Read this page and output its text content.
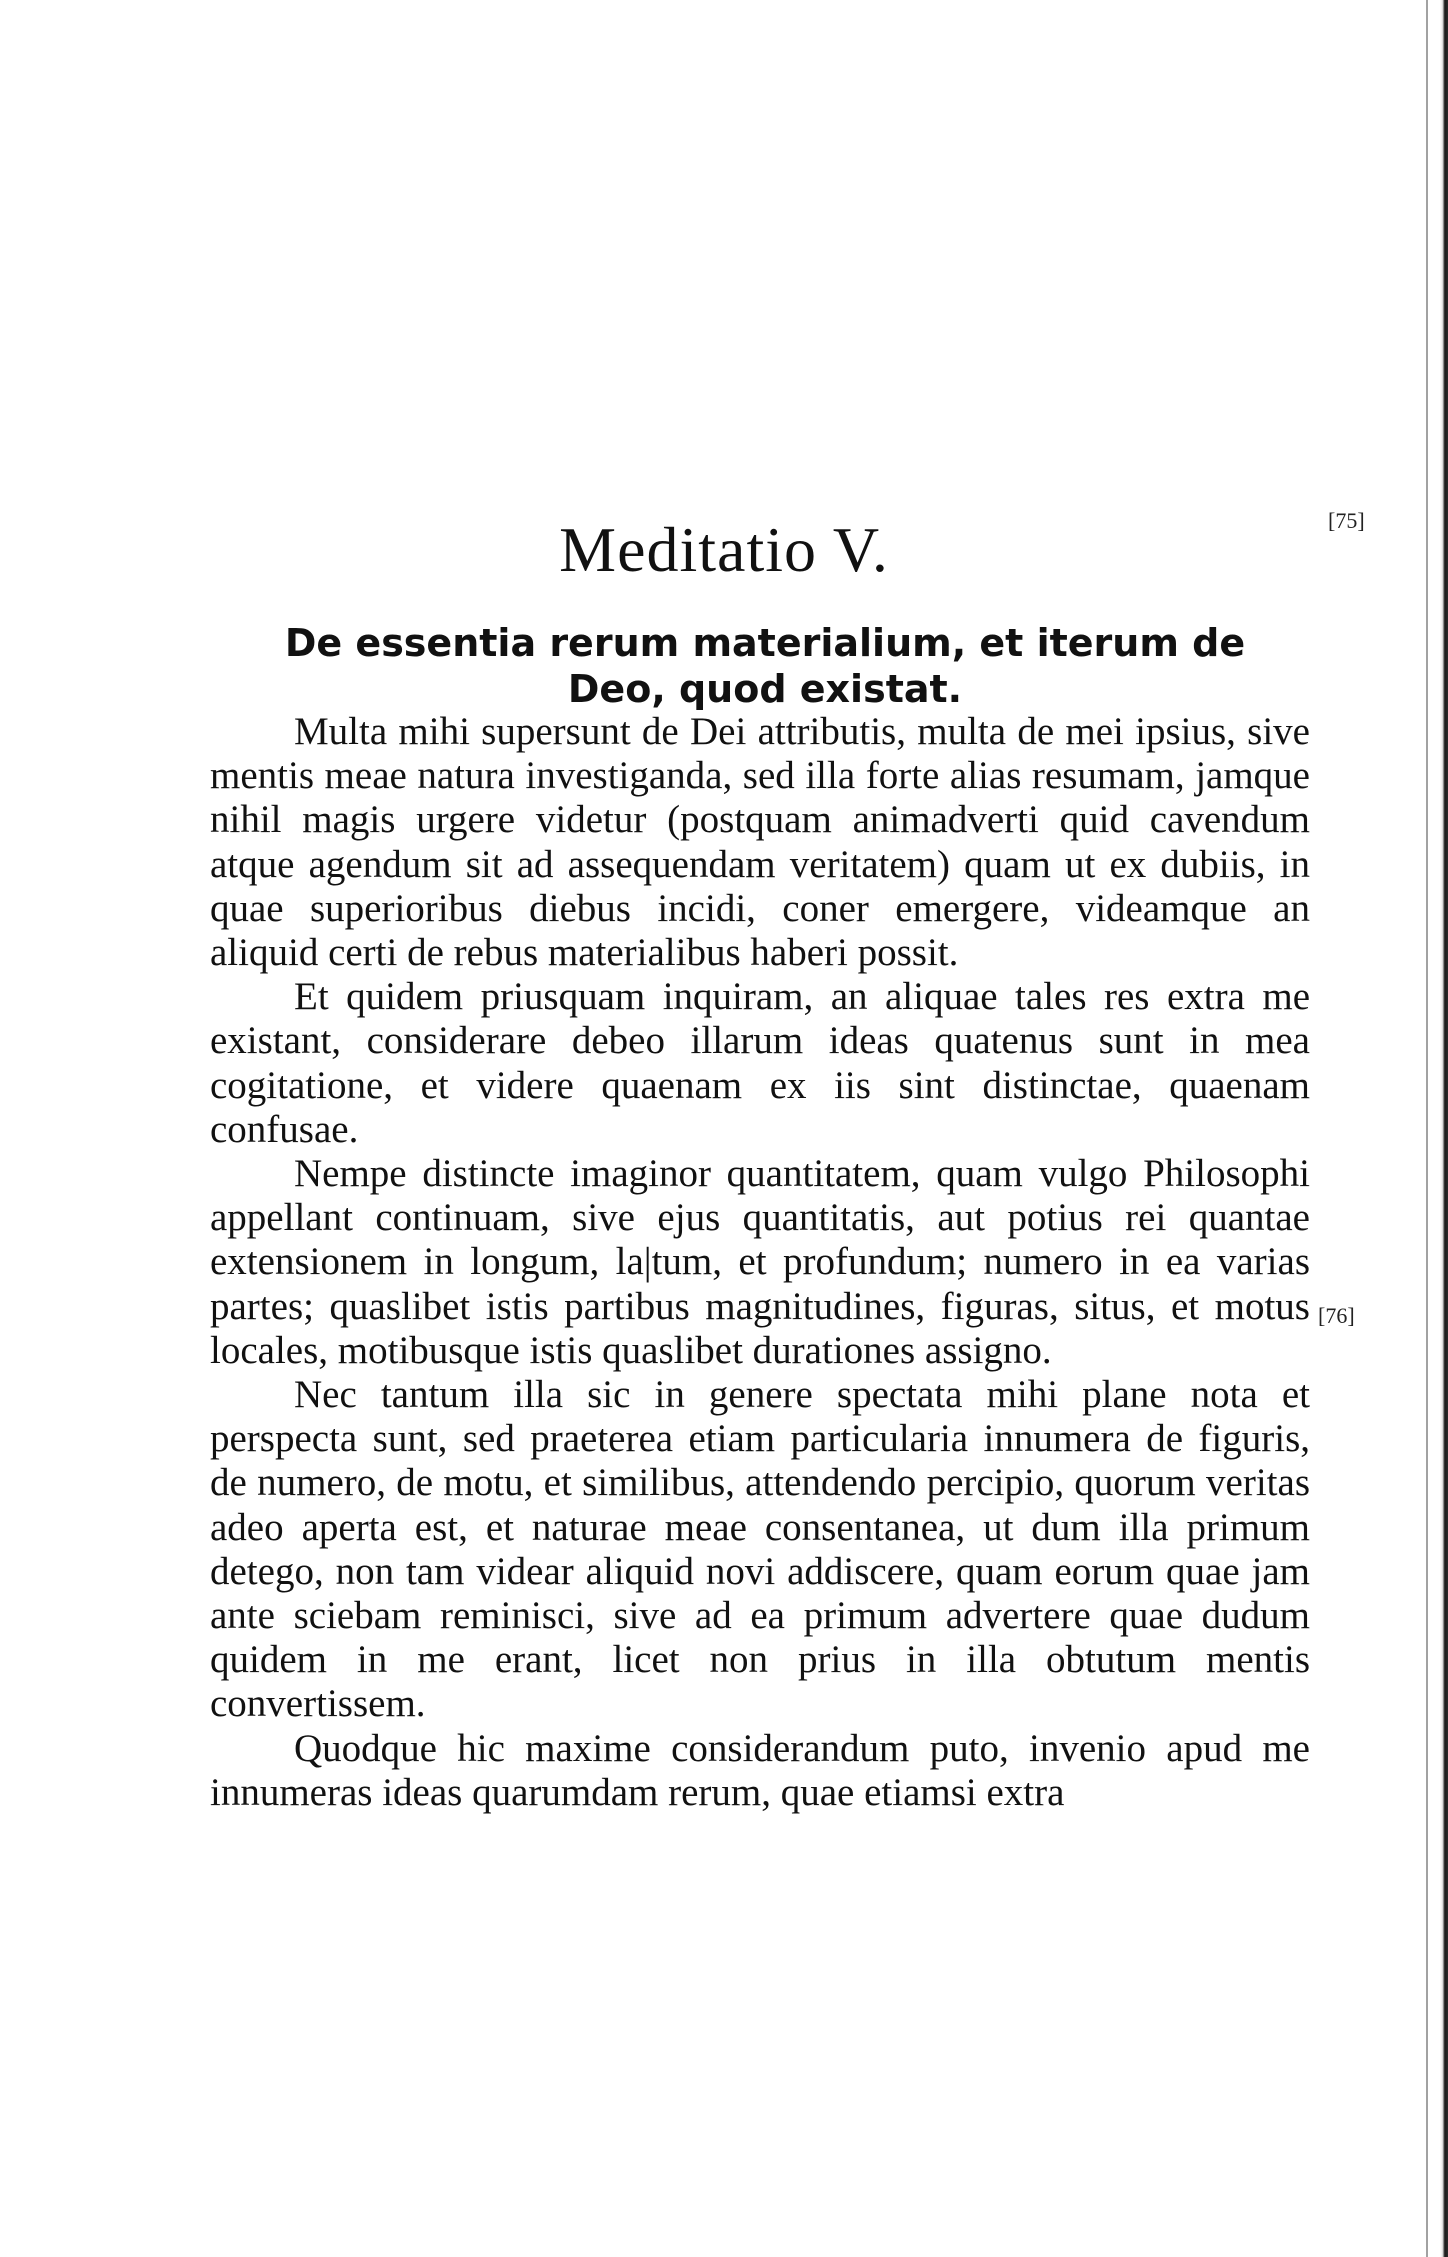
Meditatio V.	[75]
[76]
De essentia rerum materialium, et iterum de Deo, quod existat.

Multa mihi supersunt de Dei attributis, multa de mei ipsius, sive mentis meae natura investiganda, sed illa forte alias resumam, jamque nihil magis urgere videtur (postquam animadverti quid cavendum atque agendum sit ad assequendam veritatem) quam ut ex dubiis, in quae superioribus diebus incidi, coner emergere, videamque an aliquid certi de rebus materialibus haberi possit.

Et quidem priusquam inquiram, an aliquae tales res extra me existant, considerare debeo illarum ideas quatenus sunt in mea cogitatione, et videre quaenam ex iis sint distinctae, quaenam confusae.

Nempe distincte imaginor quantitatem, quam vulgo Philosophi appellant continuam, sive ejus quantitatis, aut potius rei quantae extensionem in longum, la|tum, et profundum; numero in ea varias partes; quaslibet istis partibus magnitudines, figuras, situs, et motus locales, motibusque istis quaslibet durationes assigno.

Nec tantum illa sic in genere spectata mihi plane nota et perspecta sunt, sed praeterea etiam particularia innumera de figuris, de numero, de motu, et similibus, attendendo percipio, quorum veritas adeo aperta est, et naturae meae consentanea, ut dum illa primum detego, non tam videar aliquid novi addiscere, quam eorum quae jam ante sciebam reminisci, sive ad ea primum advertere quae dudum quidem in me erant, licet non prius in illa obtutum mentis convertissem.

Quodque hic maxime considerandum puto, invenio apud me innumeras ideas quarumdam rerum, quae etiamsi extra
